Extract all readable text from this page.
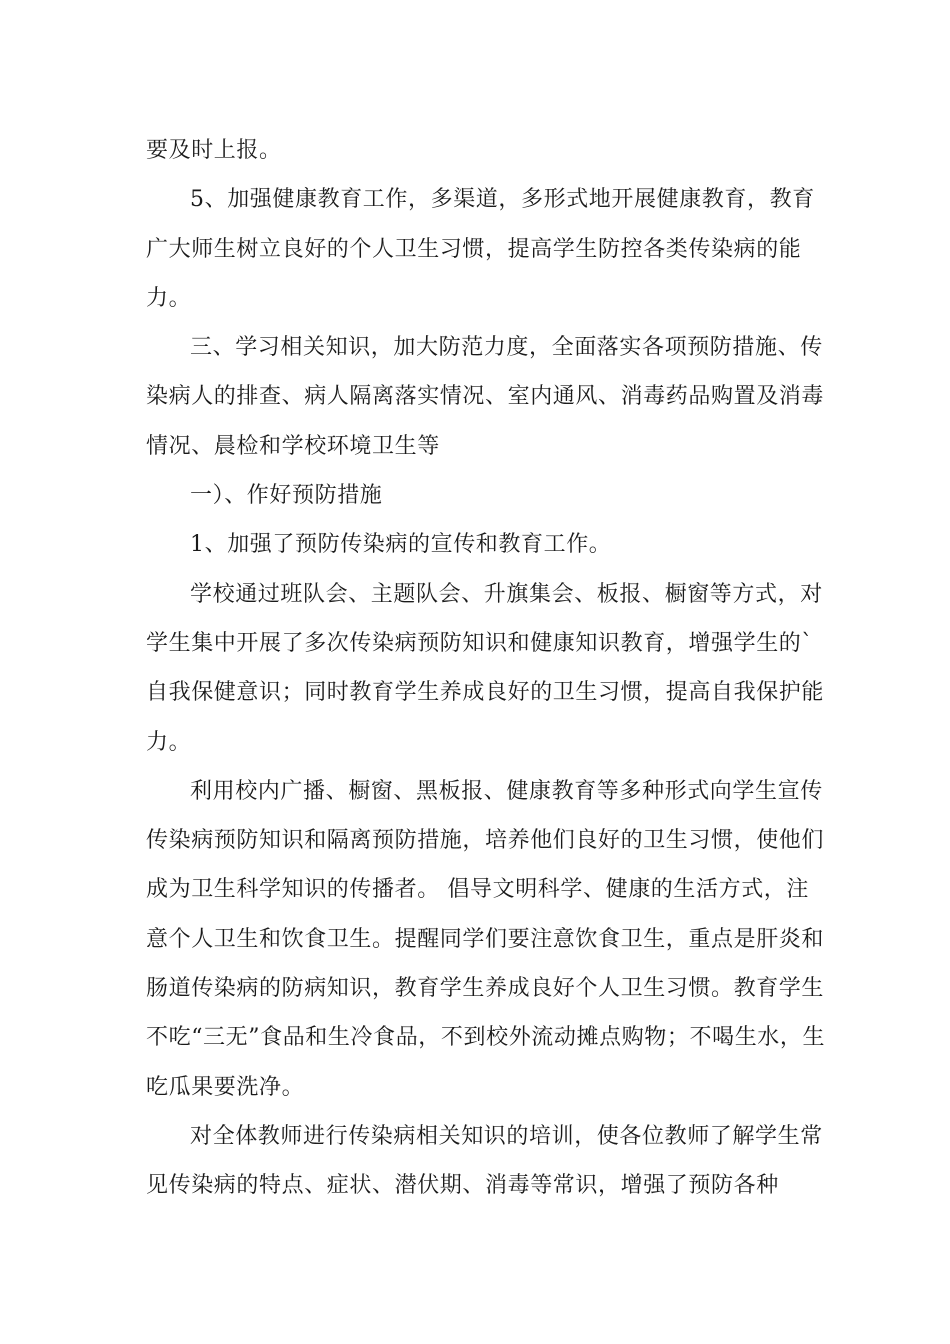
要及时上报。

5、加强健康教育工作，多渠道，多形式地开展健康教育，教育广大师生树立良好的个人卫生习惯，提高学生防控各类传染病的能力。

三、学习相关知识，加大防范力度，全面落实各项预防措施、传染病人的排查、病人隔离落实情况、室内通风、消毒药品购置及消毒情况、晨检和学校环境卫生等

一）、作好预防措施

1、加强了预防传染病的宣传和教育工作。

学校通过班队会、主题队会、升旗集会、板报、橱窗等方式，对学生集中开展了多次传染病预防知识和健康知识教育，增强学生的`自我保健意识；同时教育学生养成良好的卫生习惯，提高自我保护能力。

利用校内广播、橱窗、黑板报、健康教育等多种形式向学生宣传传染病预防知识和隔离预防措施，培养他们良好的卫生习惯，使他们成为卫生科学知识的传播者。 倡导文明科学、健康的生活方式，注意个人卫生和饮食卫生。提醒同学们要注意饮食卫生，重点是肝炎和肠道传染病的防病知识，教育学生养成良好个人卫生习惯。教育学生不吃“三无”食品和生冷食品，不到校外流动摊点购物；不喝生水，生吃瓜果要洗净。

对全体教师进行传染病相关知识的培训，使各位教师了解学生常见传染病的特点、症状、潜伏期、消毒等常识，增强了预防各种
